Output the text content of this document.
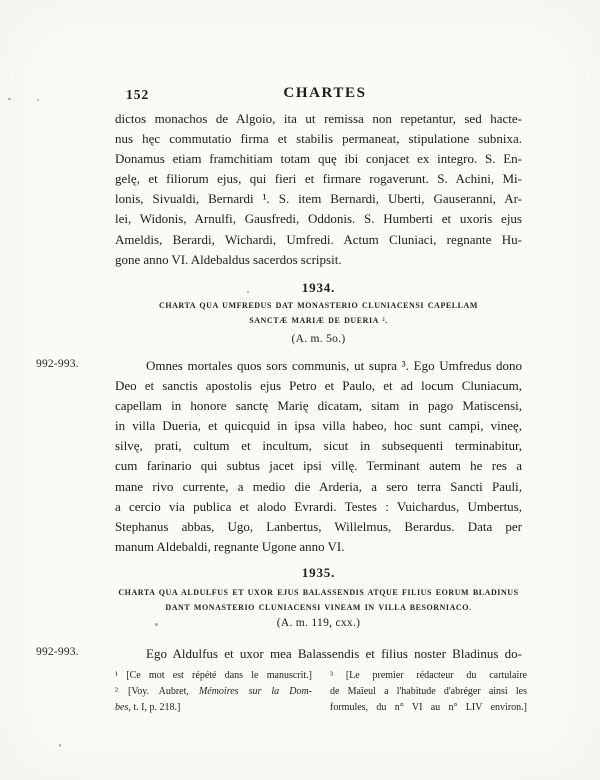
152	CHARTES
dictos monachos de Algoio, ita ut remissa non repetantur, sed hacte-
nus hęc commutatio firma et stabilis permaneat, stipulatione subnixa.
Donamus etiam framchitiam totam quę ibi conjacet ex integro. S. En-
gelę, et filiorum ejus, qui fieri et firmare rogaverunt. S. Achini, Mi-
lonis, Sivualdi, Bernardi ¹. S. item Bernardi, Uberti, Gauseranni, Ar-
lei, Widonis, Arnulfi, Gausfredi, Oddonis. S. Humberti et uxoris ejus
Ameldis, Berardi, Wichardi, Umfredi. Actum Cluniaci, regnante Hu-
gone anno VI. Aldebaldus sacerdos scripsit.
1934.
CHARTA QUA UMFREDUS DAT MONASTERIO CLUNIACENSI CAPELLAM
SANCTÆ MARIÆ DE DUERIA ².
(A. m. 5o.)
992-993.	Omnes mortales quos sors communis, ut supra ³. Ego Umfredus dono
Deo et sanctis apostolis ejus Petro et Paulo, et ad locum Cluniacum,
capellam in honore sanctę Marię dicatam, sitam in pago Matiscensi,
in villa Dueria, et quicquid in ipsa villa habeo, hoc sunt campi, vineę,
silvę, prati, cultum et incultum, sicut in subsequenti terminabitur,
cum farinario qui subtus jacet ipsi villę. Terminant autem he res a
mane rivo currente, a medio die Arderia, a sero terra Sancti Pauli,
a cercio via publica et alodo Evrardi. Testes : Vuichardus, Umbertus,
Stephanus abbas, Ugo, Lanbertus, Willelmus, Berardus. Data per
manum Aldebaldi, regnante Ugone anno VI.
1935.
CHARTA QUA ALDULFUS ET UXOR EJUS BALASSENDIS ATQUE FILIUS EORUM BLADINUS
DANT MONASTERIO CLUNIACENSI VINEAM IN VILLA BESORNIACO.
(A. m. 119, cxx.)
992-993.	Ego Aldulfus et uxor mea Balassendis et filius noster Bladinus do-
¹ [Ce mot est répété dans le manuscrit.]
² [Voy. Aubret, Mémoires sur la Dom-
bes, t. I, p. 218.]
³ [Le premier rédacteur du cartulaire
de Maïeul a l'habitude d'abréger ainsi les
formules, du n° VI au n° LIV environ.]
